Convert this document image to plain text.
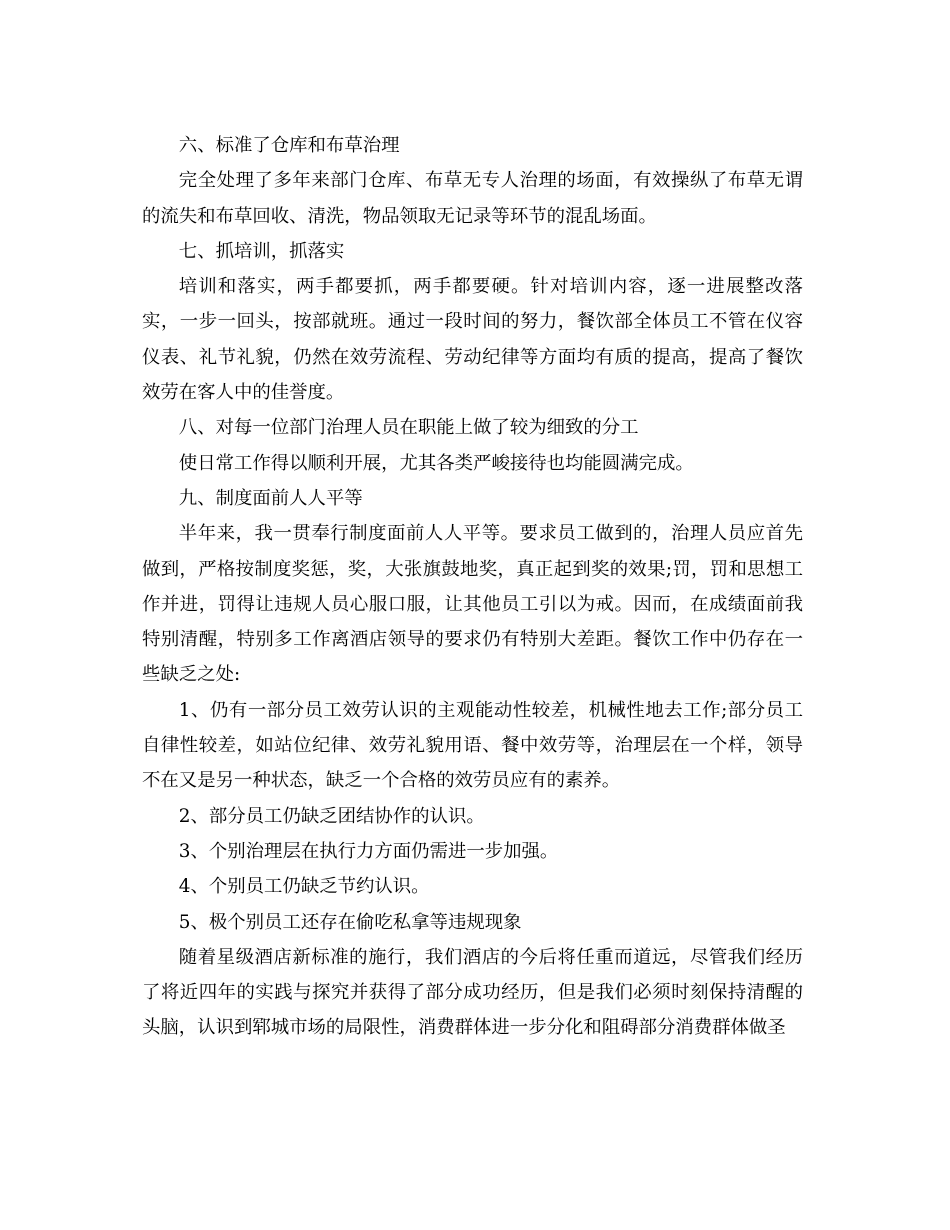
六、标准了仓库和布草治理

完全处理了多年来部门仓库、布草无专人治理的场面，有效操纵了布草无谓的流失和布草回收、清洗，物品领取无记录等环节的混乱场面。

七、抓培训，抓落实

培训和落实，两手都要抓，两手都要硬。针对培训内容，逐一进展整改落实，一步一回头，按部就班。通过一段时间的努力，餐饮部全体员工不管在仪容仪表、礼节礼貌，仍然在效劳流程、劳动纪律等方面均有质的提高，提高了餐饮效劳在客人中的佳誉度。

八、对每一位部门治理人员在职能上做了较为细致的分工

使日常工作得以顺利开展，尤其各类严峻接待也均能圆满完成。

九、制度面前人人平等

半年来，我一贯奉行制度面前人人平等。要求员工做到的，治理人员应首先做到，严格按制度奖惩，奖，大张旗鼓地奖，真正起到奖的效果;罚，罚和思想工作并进，罚得让违规人员心服口服，让其他员工引以为戒。因而，在成绩面前我特别清醒，特别多工作离酒店领导的要求仍有特别大差距。餐饮工作中仍存在一些缺乏之处:

1、仍有一部分员工效劳认识的主观能动性较差，机械性地去工作;部分员工自律性较差，如站位纪律、效劳礼貌用语、餐中效劳等，治理层在一个样，领导不在又是另一种状态，缺乏一个合格的效劳员应有的素养。

2、部分员工仍缺乏团结协作的认识。

3、个别治理层在执行力方面仍需进一步加强。

4、个别员工仍缺乏节约认识。

5、极个别员工还存在偷吃私拿等违规现象

随着星级酒店新标准的施行，我们酒店的今后将任重而道远，尽管我们经历了将近四年的实践与探究并获得了部分成功经历，但是我们必须时刻保持清醒的头脑，认识到郓城市场的局限性，消费群体进一步分化和阻碍部分消费群体做圣
